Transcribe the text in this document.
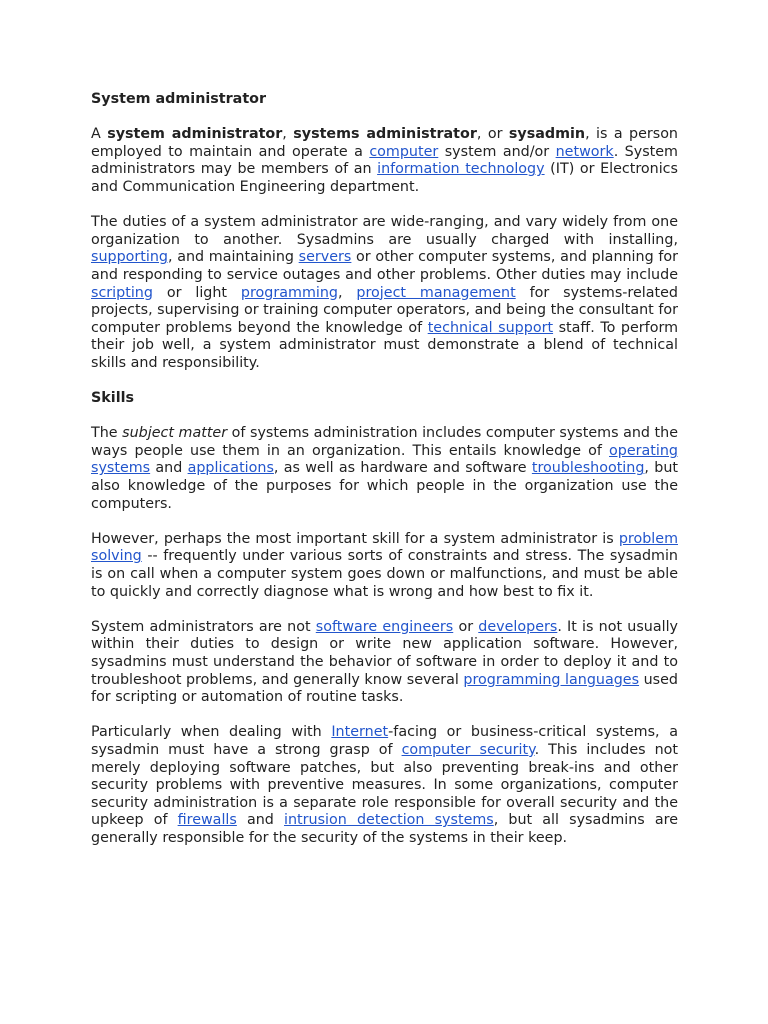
System administrator

A system administrator, systems administrator, or sysadmin, is a person employed to maintain and operate a computer system and/or network. System administrators may be members of an information technology (IT) or Electronics and Communication Engineering department.

The duties of a system administrator are wide-ranging, and vary widely from one organization to another. Sysadmins are usually charged with installing, supporting, and maintaining servers or other computer systems, and planning for and responding to service outages and other problems. Other duties may include scripting or light programming, project management for systems-related projects, supervising or training computer operators, and being the consultant for computer problems beyond the knowledge of technical support staff. To perform their job well, a system administrator must demonstrate a blend of technical skills and responsibility.

Skills

The subject matter of systems administration includes computer systems and the ways people use them in an organization. This entails knowledge of operating systems and applications, as well as hardware and software troubleshooting, but also knowledge of the purposes for which people in the organization use the computers.

However, perhaps the most important skill for a system administrator is problem solving -- frequently under various sorts of constraints and stress. The sysadmin is on call when a computer system goes down or malfunctions, and must be able to quickly and correctly diagnose what is wrong and how best to fix it.

System administrators are not software engineers or developers. It is not usually within their duties to design or write new application software. However, sysadmins must understand the behavior of software in order to deploy it and to troubleshoot problems, and generally know several programming languages used for scripting or automation of routine tasks.

Particularly when dealing with Internet-facing or business-critical systems, a sysadmin must have a strong grasp of computer security. This includes not merely deploying software patches, but also preventing break-ins and other security problems with preventive measures. In some organizations, computer security administration is a separate role responsible for overall security and the upkeep of firewalls and intrusion detection systems, but all sysadmins are generally responsible for the security of the systems in their keep.
